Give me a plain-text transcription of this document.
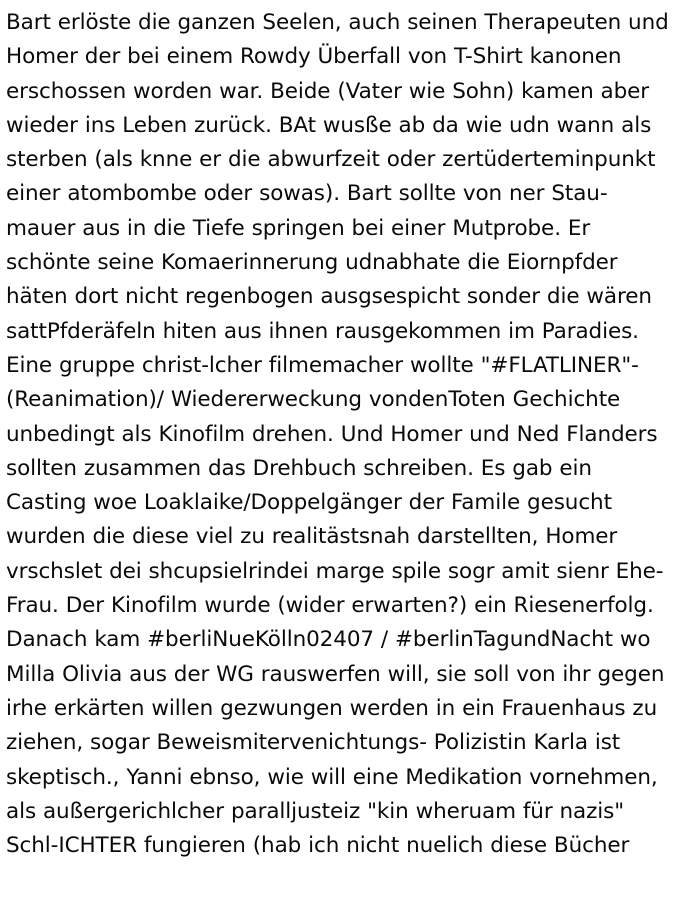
Bart erlöste die ganzen Seelen, auch seinen Therapeuten und Homer der bei einem Rowdy Überfall von T-Shirt kanonen erschossen worden war. Beide (Vater wie Sohn) kamen aber wieder ins Leben zurück. BAt wusße ab da wie udn wann als sterben (als knne er die abwurfzeit oder zertüderteminpunkt einer atombombe oder sowas). Bart sollte von ner Stau-mauer aus in die Tiefe springen bei einer Mutprobe. Er schönte seine Komaerinnerung udnabhate die Eiornpfder häten dort nicht regenbogen ausgsespicht sonder die wären sattPfderäfeln hiten aus ihnen rausgekommen im Paradies. Eine gruppe christ-lcher filmemacher wollte "#FLATLINER"-(Reanimation)/ Wiedererweckung vondenToten Gechichte unbedingt als Kinofilm drehen. Und Homer und Ned Flanders sollten zusammen das Drehbuch schreiben. Es gab ein Casting woe Loaklaike/Doppelgänger der Famile gesucht wurden die diese viel zu realitästsnah darstellten, Homer vrschslet dei shcupsielrindei marge spile sogr amit sienr Ehe-Frau. Der Kinofilm wurde (wider erwarten?) ein Riesenerfolg. Danach kam #berliNueKölln02407 / #berlinTagundNacht wo Milla Olivia aus der WG rauswerfen will, sie soll von ihr gegen irhe erkärten willen gezwungen werden in ein Frauenhaus zu ziehen, sogar Beweismitervenichtungs- Polizistin Karla ist skeptisch., Yanni ebnso, wie will eine Medikation vornehmen, als außergerichlcher paralljusteiz "kin wheruam für nazis" Schl-ICHTER fungieren (hab ich nicht nuelich diese Bücher
